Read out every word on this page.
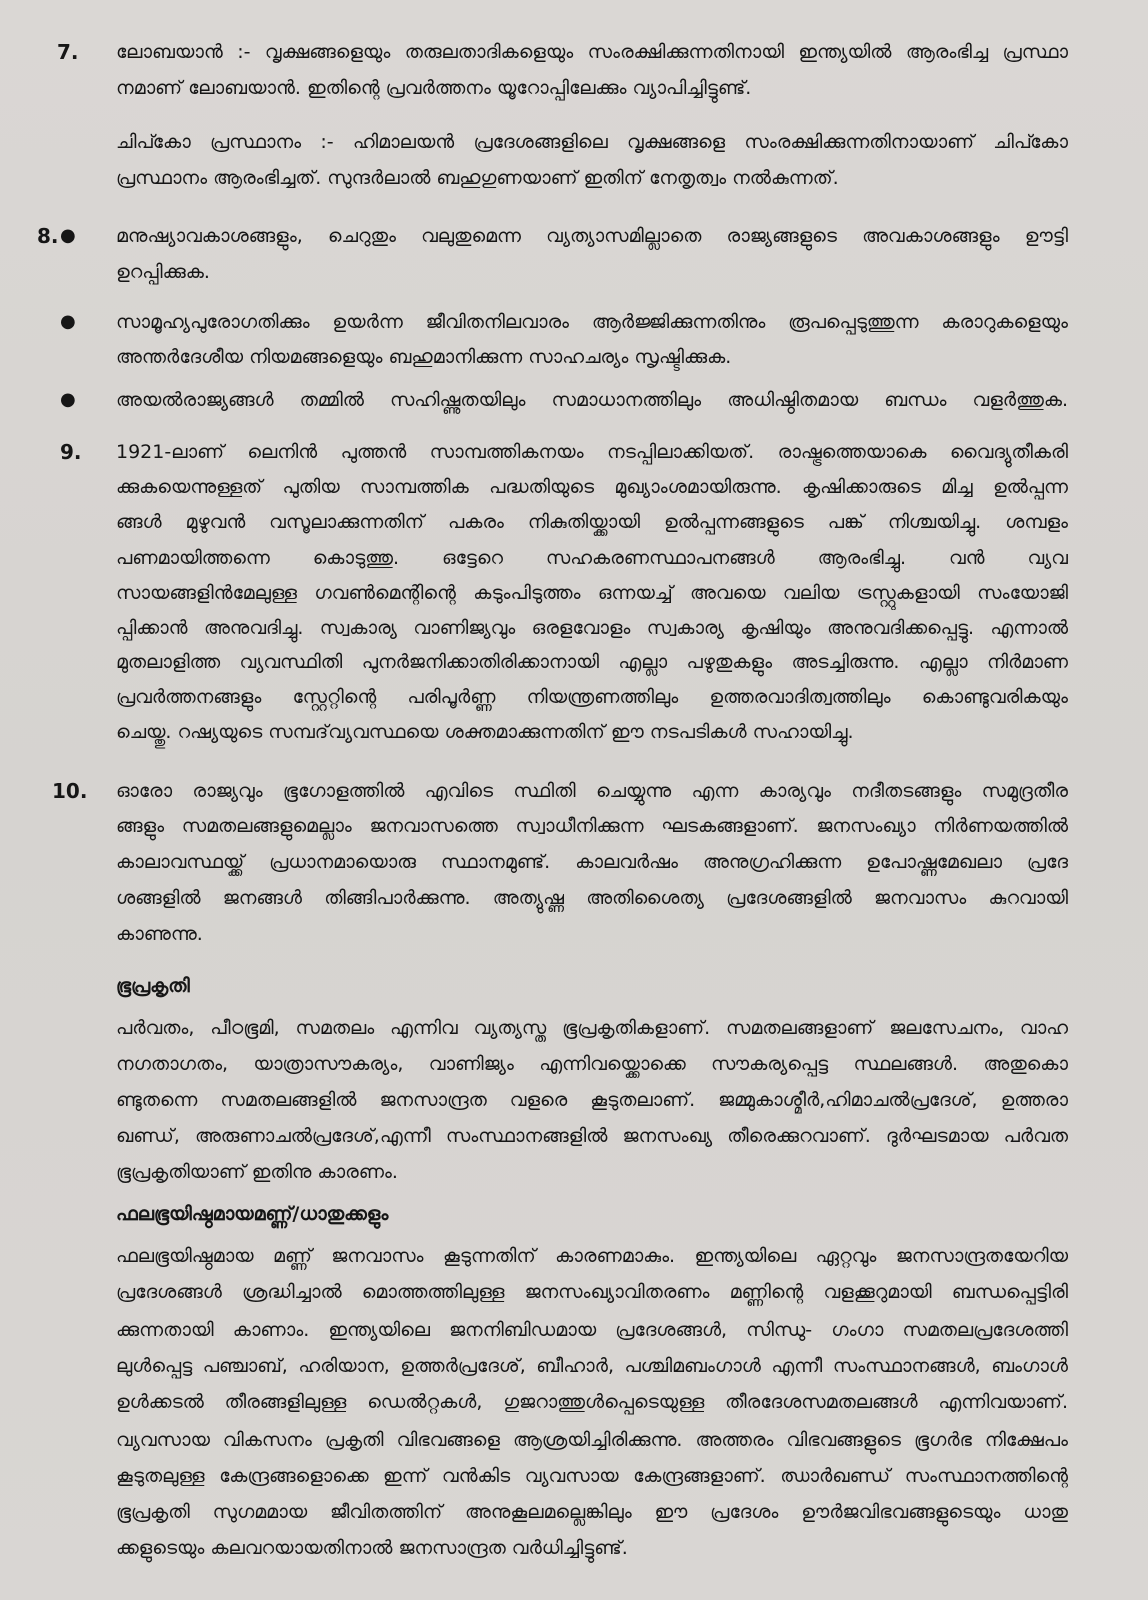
7. ലോബയാൻ :- വൃക്ഷങ്ങളെയും തരുലതാദികളെയും സംരക്ഷിക്കുന്നതിനായി ഇന്ത്യയിൽ ആരംഭിച്ച പ്രസ്ഥാ
നമാണ് ലോബയാൻ. ഇതിന്റെ പ്രവർത്തനം യൂറോപ്പിലേക്കും വ്യാപിച്ചിട്ടുണ്ട്.
ചിപ്കോ പ്രസ്ഥാനം :- ഹിമാലയൻ പ്രദേശങ്ങളിലെ വൃക്ഷങ്ങളെ സംരക്ഷിക്കുന്നതിനായാണ് ചിപ്കോ
പ്രസ്ഥാനം ആരംഭിച്ചത്. സുന്ദർലാൽ ബഹുഗുണയാണ് ഇതിന് നേതൃത്വം നൽകുന്നത്.
8. ● മനുഷ്യാവകാശങ്ങളും, ചെറുതും വലുതുമെന്ന വ്യത്യാസമില്ലാതെ രാജ്യങ്ങളുടെ അവകാശങ്ങളും ഊട്ടി
ഉറപ്പിക്കുക.
● സാമൂഹ്യപുരോഗതിക്കും ഉയർന്ന ജീവിതനിലവാരം ആർജ്ജിക്കുന്നതിനും രൂപപ്പെടുത്തുന്ന കരാറുകളെയും
അന്തർദേശീയ നിയമങ്ങളെയും ബഹുമാനിക്കുന്ന സാഹചര്യം സൃഷ്ടിക്കുക.
● അയൽരാജ്യങ്ങൾ തമ്മിൽ സഹിഷ്ണുതയിലും സമാധാനത്തിലും അധിഷ്ഠിതമായ ബന്ധം വളർത്തുക.
9. 1921-ലാണ് ലെനിൻ പുത്തൻ സാമ്പത്തികനയം നടപ്പിലാക്കിയത്. രാഷ്ട്രത്തെയാകെ വൈദ്യുതീകരി
ക്കുകയെന്നുള്ളത് പുതിയ സാമ്പത്തിക പദ്ധതിയുടെ മുഖ്യാംശമായിരുന്നു. കൃഷിക്കാരുടെ മിച്ച ഉൽപ്പന്ന
ങ്ങൾ മുഴുവൻ വസൂലാക്കുന്നതിന് പകരം നികുതിയ്ക്കായി ഉൽപ്പന്നങ്ങളുടെ പങ്ക് നിശ്ചയിച്ചു. ശമ്പളം
പണമായിത്തന്നെ കൊടുത്തു. ഒട്ടേറെ സഹകരണസ്ഥാപനങ്ങൾ ആരംഭിച്ചു. വൻ വ്യവ
സായങ്ങളിൻമേലുള്ള ഗവൺമെന്റിന്റെ കടുംപിടുത്തം ഒന്നയച്ച് അവയെ വലിയ ട്രസ്റ്റുകളായി സംയോജി
പ്പിക്കാൻ അനുവദിച്ചു. സ്വകാര്യ വാണിജ്യവും ഒരളവോളം സ്വകാര്യ കൃഷിയും അനുവദിക്കപ്പെട്ടു. എന്നാൽ
മുതലാളിത്ത വ്യവസ്ഥിതി പുനർജനിക്കാതിരിക്കാനായി എല്ലാ പഴുതുകളും അടച്ചിരുന്നു. എല്ലാ നിർമാണ
പ്രവർത്തനങ്ങളും സ്റ്റേറ്റിന്റെ പരിപൂർണ്ണ നിയന്ത്രണത്തിലും ഉത്തരവാദിത്വത്തിലും കൊണ്ടുവരികയും
ചെയ്തു. റഷ്യയുടെ സമ്പദ്‌വ്യവസ്ഥയെ ശക്തമാക്കുന്നതിന് ഈ നടപടികൾ സഹായിച്ചു.
10. ഓരോ രാജ്യവും ഭൂഗോളത്തിൽ എവിടെ സ്ഥിതി ചെയ്യുന്നു എന്ന കാര്യവും നദീതടങ്ങളും സമുദ്രതീര
ങ്ങളും സമതലങ്ങളുമെല്ലാം ജനവാസത്തെ സ്വാധീനിക്കുന്ന ഘടകങ്ങളാണ്. ജനസംഖ്യാ നിർണയത്തിൽ
കാലാവസ്ഥയ്ക്ക് പ്രധാനമായൊരു സ്ഥാനമുണ്ട്. കാലവർഷം അനുഗ്രഹിക്കുന്ന ഉപോഷ്ണമേഖലാ പ്രദേ
ശങ്ങളിൽ ജനങ്ങൾ തിങ്ങിപാർക്കുന്നു. അത്യുഷ്ണ അതിശൈത്യ പ്രദേശങ്ങളിൽ ജനവാസം കുറവായി
കാണുന്നു.
ഭൂപ്രകൃതി
പർവതം, പീഠഭൂമി, സമതലം എന്നിവ വ്യത്യസ്ത ഭൂപ്രകൃതികളാണ്. സമതലങ്ങളാണ് ജലസേചനം, വാഹ
നഗതാഗതം, യാത്രാസൗകര്യം, വാണിജ്യം എന്നിവയ്ക്കൊക്കെ സൗകര്യപ്പെട്ട സ്ഥലങ്ങൾ. അതുകൊ
ണ്ടുതന്നെ സമതലങ്ങളിൽ ജനസാന്ദ്രത വളരെ കൂടുതലാണ്. ജമ്മുകാശ്മീർ,ഹിമാചൽപ്രദേശ്, ഉത്തരാ
ഖണ്ഡ്, അരുണാചൽപ്രദേശ്,എന്നീ സംസ്ഥാനങ്ങളിൽ ജനസംഖ്യ തീരെക്കുറവാണ്. ദുർഘടമായ പർവത
ഭൂപ്രകൃതിയാണ് ഇതിനു കാരണം.
ഫലഭൂയിഷ്ഠമായമണ്ണ്/ധാതുക്കളും
ഫലഭൂയിഷ്ഠമായ മണ്ണ് ജനവാസം കൂടുന്നതിന് കാരണമാകും. ഇന്ത്യയിലെ ഏറ്റവും ജനസാന്ദ്രതയേറിയ
പ്രദേശങ്ങൾ ശ്രദ്ധിച്ചാൽ മൊത്തത്തിലുള്ള ജനസംഖ്യാവിതരണം മണ്ണിന്റെ വളക്കൂറുമായി ബന്ധപ്പെട്ടിരി
ക്കുന്നതായി കാണാം. ഇന്ത്യയിലെ ജനനിബിഡമായ പ്രദേശങ്ങൾ, സിന്ധു- ഗംഗാ സമതലപ്രദേശത്തി
ലുൾപ്പെട്ട പഞ്ചാബ്, ഹരിയാന, ഉത്തർപ്രദേശ്, ബീഹാർ, പശ്ചിമബംഗാൾ എന്നീ സംസ്ഥാനങ്ങൾ, ബംഗാൾ
ഉൾക്കടൽ തീരങ്ങളിലുള്ള ഡെൽറ്റകൾ, ഗുജറാത്തുൾപ്പെടെയുള്ള തീരദേശസമതലങ്ങൾ എന്നിവയാണ്.
വ്യവസായ വികസനം പ്രകൃതി വിഭവങ്ങളെ ആശ്രയിച്ചിരിക്കുന്നു. അത്തരം വിഭവങ്ങളുടെ ഭൂഗർഭ നിക്ഷേപം
കൂടുതലുള്ള കേന്ദ്രങ്ങളൊക്കെ ഇന്ന് വൻകിട വ്യവസായ കേന്ദ്രങ്ങളാണ്. ഝാർഖണ്ഡ് സംസ്ഥാനത്തിന്റെ
ഭൂപ്രകൃതി സുഗമമായ ജീവിതത്തിന് അനുകൂലമല്ലെങ്കിലും ഈ പ്രദേശം ഊർജവിഭവങ്ങളുടെയും ധാതു
ക്കളുടെയും കലവറയായതിനാൽ ജനസാന്ദ്രത വർധിച്ചിട്ടുണ്ട്.
